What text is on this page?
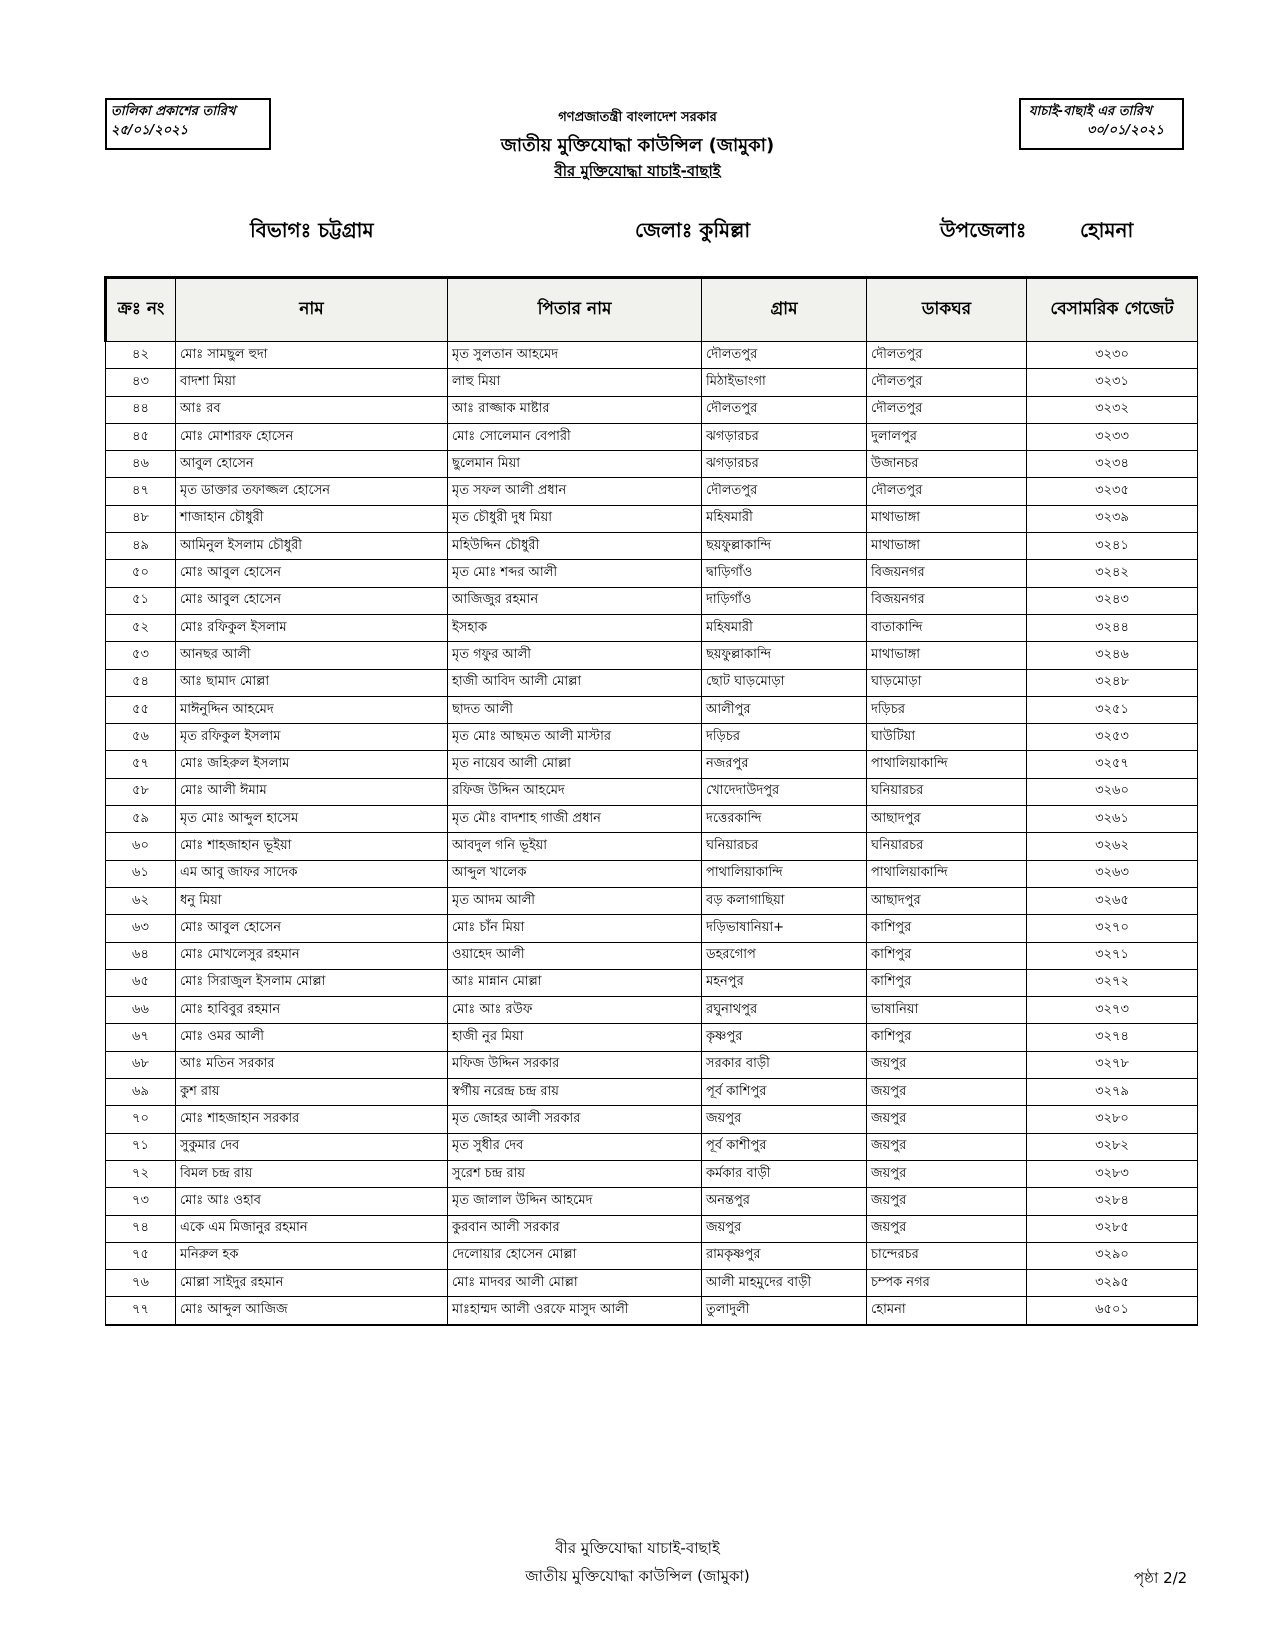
তালিকা প্রকাশের তারিখ
২৫/০১/২০২১
যাচাই-বাছাই এর তারিখ
৩০/০১/২০২১
গণপ্রজাতন্ত্রী বাংলাদেশ সরকার
জাতীয় মুক্তিযোদ্ধা কাউন্সিল (জামুকা)
বীর মুক্তিযোদ্ধা যাচাই-বাছাই
বিভাগঃ চট্টগ্রাম	জেলাঃ কুমিল্লা	উপজেলাঃ	হোমনা
ক্রঃ নং	নাম	পিতার নাম	গ্রাম	ডাকঘর	বেসামরিক গেজেট
৪২	মোঃ সামছুল হুদা	মৃত সুলতান আহমেদ	দৌলতপুর	দৌলতপুর	৩২৩০
৪৩	বাদশা মিয়া	লাহু মিয়া	মিঠাইভাংগা	দৌলতপুর	৩২৩১
৪৪	আঃ রব	আঃ রাজ্জাক মাষ্টার	দৌলতপুর	দৌলতপুর	৩২৩২
৪৫	মোঃ মোশারফ হোসেন	মোঃ সোলেমান বেপারী	ঝগড়ারচর	দুলালপুর	৩২৩৩
৪৬	আবুল হোসেন	ছুলেমান মিয়া	ঝগড়ারচর	উজানচর	৩২৩৪
৪৭	মৃত ডাক্তার তফাজ্জল হোসেন	মৃত সফল আলী প্রধান	দৌলতপুর	দৌলতপুর	৩২৩৫
৪৮	শাজাহান চৌধুরী	মৃত চৌধুরী দুধ মিয়া	মহিষমারী	মাথাভাঙ্গা	৩২৩৯
৪৯	আমিনুল ইসলাম চৌধুরী	মহিউদ্দিন চৌধুরী	ছয়ফুল্লাকান্দি	মাথাভাঙ্গা	৩২৪১
৫০	মোঃ আবুল হোসেন	মৃত মোঃ শব্দর আলী	দ্বাড়িগাঁও	বিজয়নগর	৩২৪২
৫১	মোঃ আবুল হোসেন	আজিজুর রহমান	দাড়িগাঁও	বিজয়নগর	৩২৪৩
৫২	মোঃ রফিকুল ইসলাম	ইসহাক	মহিষমারী	বাতাকান্দি	৩২৪৪
৫৩	আনছর আলী	মৃত গফুর আলী	ছয়ফুল্লাকান্দি	মাথাভাঙ্গা	৩২৪৬
৫৪	আঃ ছামাদ মোল্লা	হাজী আবিদ আলী মোল্লা	ছোট ঘাড়মোড়া	ঘাড়মোড়া	৩২৪৮
৫৫	মাঈনুদ্দিন আহমেদ	ছাদত আলী	আলীপুর	দড়িচর	৩২৫১
৫৬	মৃত রফিকুল ইসলাম	মৃত মোঃ আছমত আলী মাস্টার	দড়িচর	ঘাউটিয়া	৩২৫৩
৫৭	মোঃ জহিরুল ইসলাম	মৃত নায়েব আলী মোল্লা	নজরপুর	পাথালিয়াকান্দি	৩২৫৭
৫৮	মোঃ আলী ঈমাম	রফিজ উদ্দিন আহমেদ	খোদেদাউদপুর	ঘনিয়ারচর	৩২৬০
৫৯	মৃত মোঃ আব্দুল হাসেম	মৃত মৌঃ বাদশাহ গাজী প্রধান	দত্তেরকান্দি	আছাদপুর	৩২৬১
৬০	মোঃ শাহজাহান ভূইয়া	আবদুল গনি ভূইয়া	ঘনিয়ারচর	ঘনিয়ারচর	৩২৬২
৬১	এম আবু জাফর সাদেক	আব্দুল খালেক	পাথালিয়াকান্দি	পাথালিয়াকান্দি	৩২৬৩
৬২	ধনু মিয়া	মৃত আদম আলী	বড় কলাগাছিয়া	আছাদপুর	৩২৬৫
৬৩	মোঃ আবুল হোসেন	মোঃ চাঁন মিয়া	দড়িভাষানিয়া+	কাশিপুর	৩২৭০
৬৪	মোঃ মোখলেসুর রহমান	ওয়াহেদ আলী	ডহরগোপ	কাশিপুর	৩২৭১
৬৫	মোঃ সিরাজুল ইসলাম মোল্লা	আঃ মান্নান মোল্লা	মহনপুর	কাশিপুর	৩২৭২
৬৬	মোঃ হাবিবুর রহমান	মোঃ আঃ রউফ	রঘুনাথপুর	ভাষানিয়া	৩২৭৩
৬৭	মোঃ ওমর আলী	হাজী নুর মিয়া	কৃষ্ণপুর	কাশিপুর	৩২৭৪
৬৮	আঃ মতিন সরকার	মফিজ উদ্দিন সরকার	সরকার বাড়ী	জয়পুর	৩২৭৮
৬৯	কুশ রায়	স্বর্গীয় নরেন্দ্র চন্দ্র রায়	পূর্ব কাশিপুর	জয়পুর	৩২৭৯
৭০	মোঃ শাহজাহান সরকার	মৃত জোহর আলী সরকার	জয়পুর	জয়পুর	৩২৮০
৭১	সুকুমার দেব	মৃত সুধীর দেব	পূর্ব কাশীপুর	জয়পুর	৩২৮২
৭২	বিমল চন্দ্র রায়	সুরেশ চন্দ্র রায়	কর্মকার বাড়ী	জয়পুর	৩২৮৩
৭৩	মোঃ আঃ ওহাব	মৃত জালাল উদ্দিন আহমেদ	অনন্তপুর	জয়পুর	৩২৮৪
৭৪	একে এম মিজানুর রহমান	কুরবান আলী সরকার	জয়পুর	জয়পুর	৩২৮৫
৭৫	মনিরুল হক	দেলোয়ার হোসেন মোল্লা	রামকৃষ্ণপুর	চান্দেরচর	৩২৯০
৭৬	মোল্লা সাইদুর রহমান	মোঃ মাদবর আলী মোল্লা	আলী মাহমুদের বাড়ী	চম্পক নগর	৩২৯৫
৭৭	মোঃ আব্দুল আজিজ	মাঃহাম্মদ আলী ওরফে মাসুদ আলী	তুলাদুলী	হোমনা	৬৫০১
বীর মুক্তিযোদ্ধা যাচাই-বাছাই
জাতীয় মুক্তিযোদ্ধা কাউন্সিল (জামুকা)	পৃষ্ঠা 2/2
